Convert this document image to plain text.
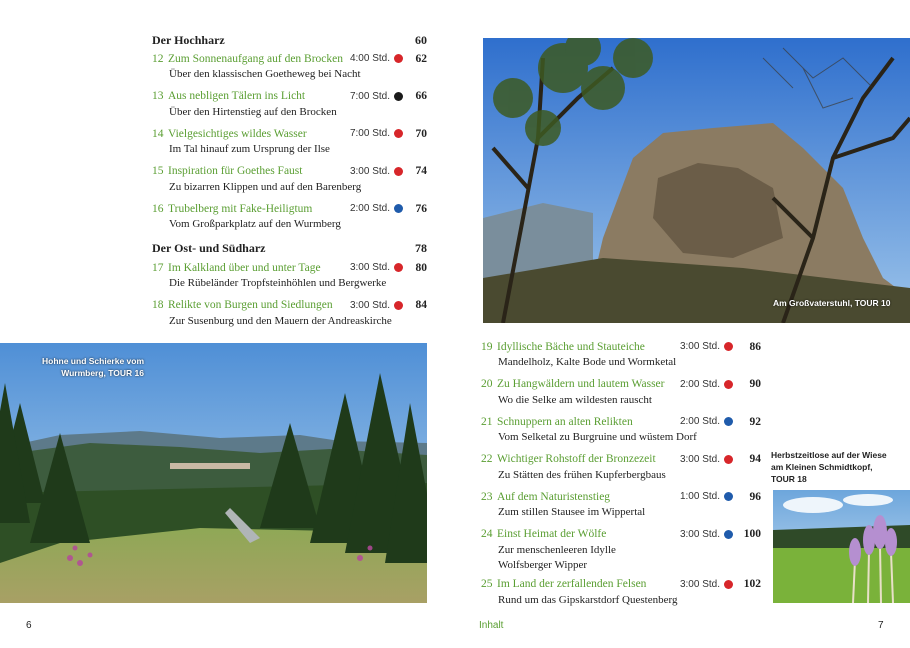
Der Hochharz	60
12 Zum Sonnenaufgang auf den Brocken 4:00 Std.	62
Über den klassischen Goetheweg bei Nacht
13 Aus nebligen Tälern ins Licht	7:00 Std.	66
Über den Hirtenstieg auf den Brocken
14 Vielgesichtiges wildes Wasser	7:00 Std.	70
Im Tal hinauf zum Ursprung der Ilse
15 Inspiration für Goethes Faust	3:00 Std.	74
Zu bizarren Klippen und auf den Barenberg
16 Trubelberg mit Fake-Heiligtum	2:00 Std.	76
Vom Großparkplatz auf den Wurmberg
Der Ost- und Südharz	78
17 Im Kalkland über und unter Tage	3:00 Std.	80
Die Rübeländer Tropfsteinhöhlen und Bergwerke
18 Relikte von Burgen und Siedlungen	3:00 Std.	84
Zur Susenburg und den Mauern der Andreaskirche
Hohne und Schierke vom
Wurmberg, TOUR 16
6
Am Großvaterstuhl, TOUR 10
19 Idyllische Bäche und Stauteiche	3:00 Std.	86
Mandelholz, Kalte Bode und Wormketal
20 Zu Hangwäldern und lautem Wasser	2:00 Std.	90
Wo die Selke am wildesten rauscht
21 Schnuppern an alten Relikten	2:00 Std.	92
Vom Selketal zu Burgruine und wüstem Dorf
22 Wichtiger Rohstoff der Bronzezeit	3:00 Std.	94
Zu Stätten des frühen Kupferbergbaus
23 Auf dem Naturistenstieg	1:00 Std.	96
Zum stillen Stausee im Wippertal
24 Einst Heimat der Wölfe	3:00 Std. 100
Zur menschenleeren Idylle
Wolfsberger Wipper
25 Im Land der zerfallenden Felsen	3:00 Std. 102
Rund um das Gipskarstdorf Questenberg
Herbstzeitlose auf der Wiese
am Kleinen Schmidtkopf,
TOUR 18
Inhalt	7
